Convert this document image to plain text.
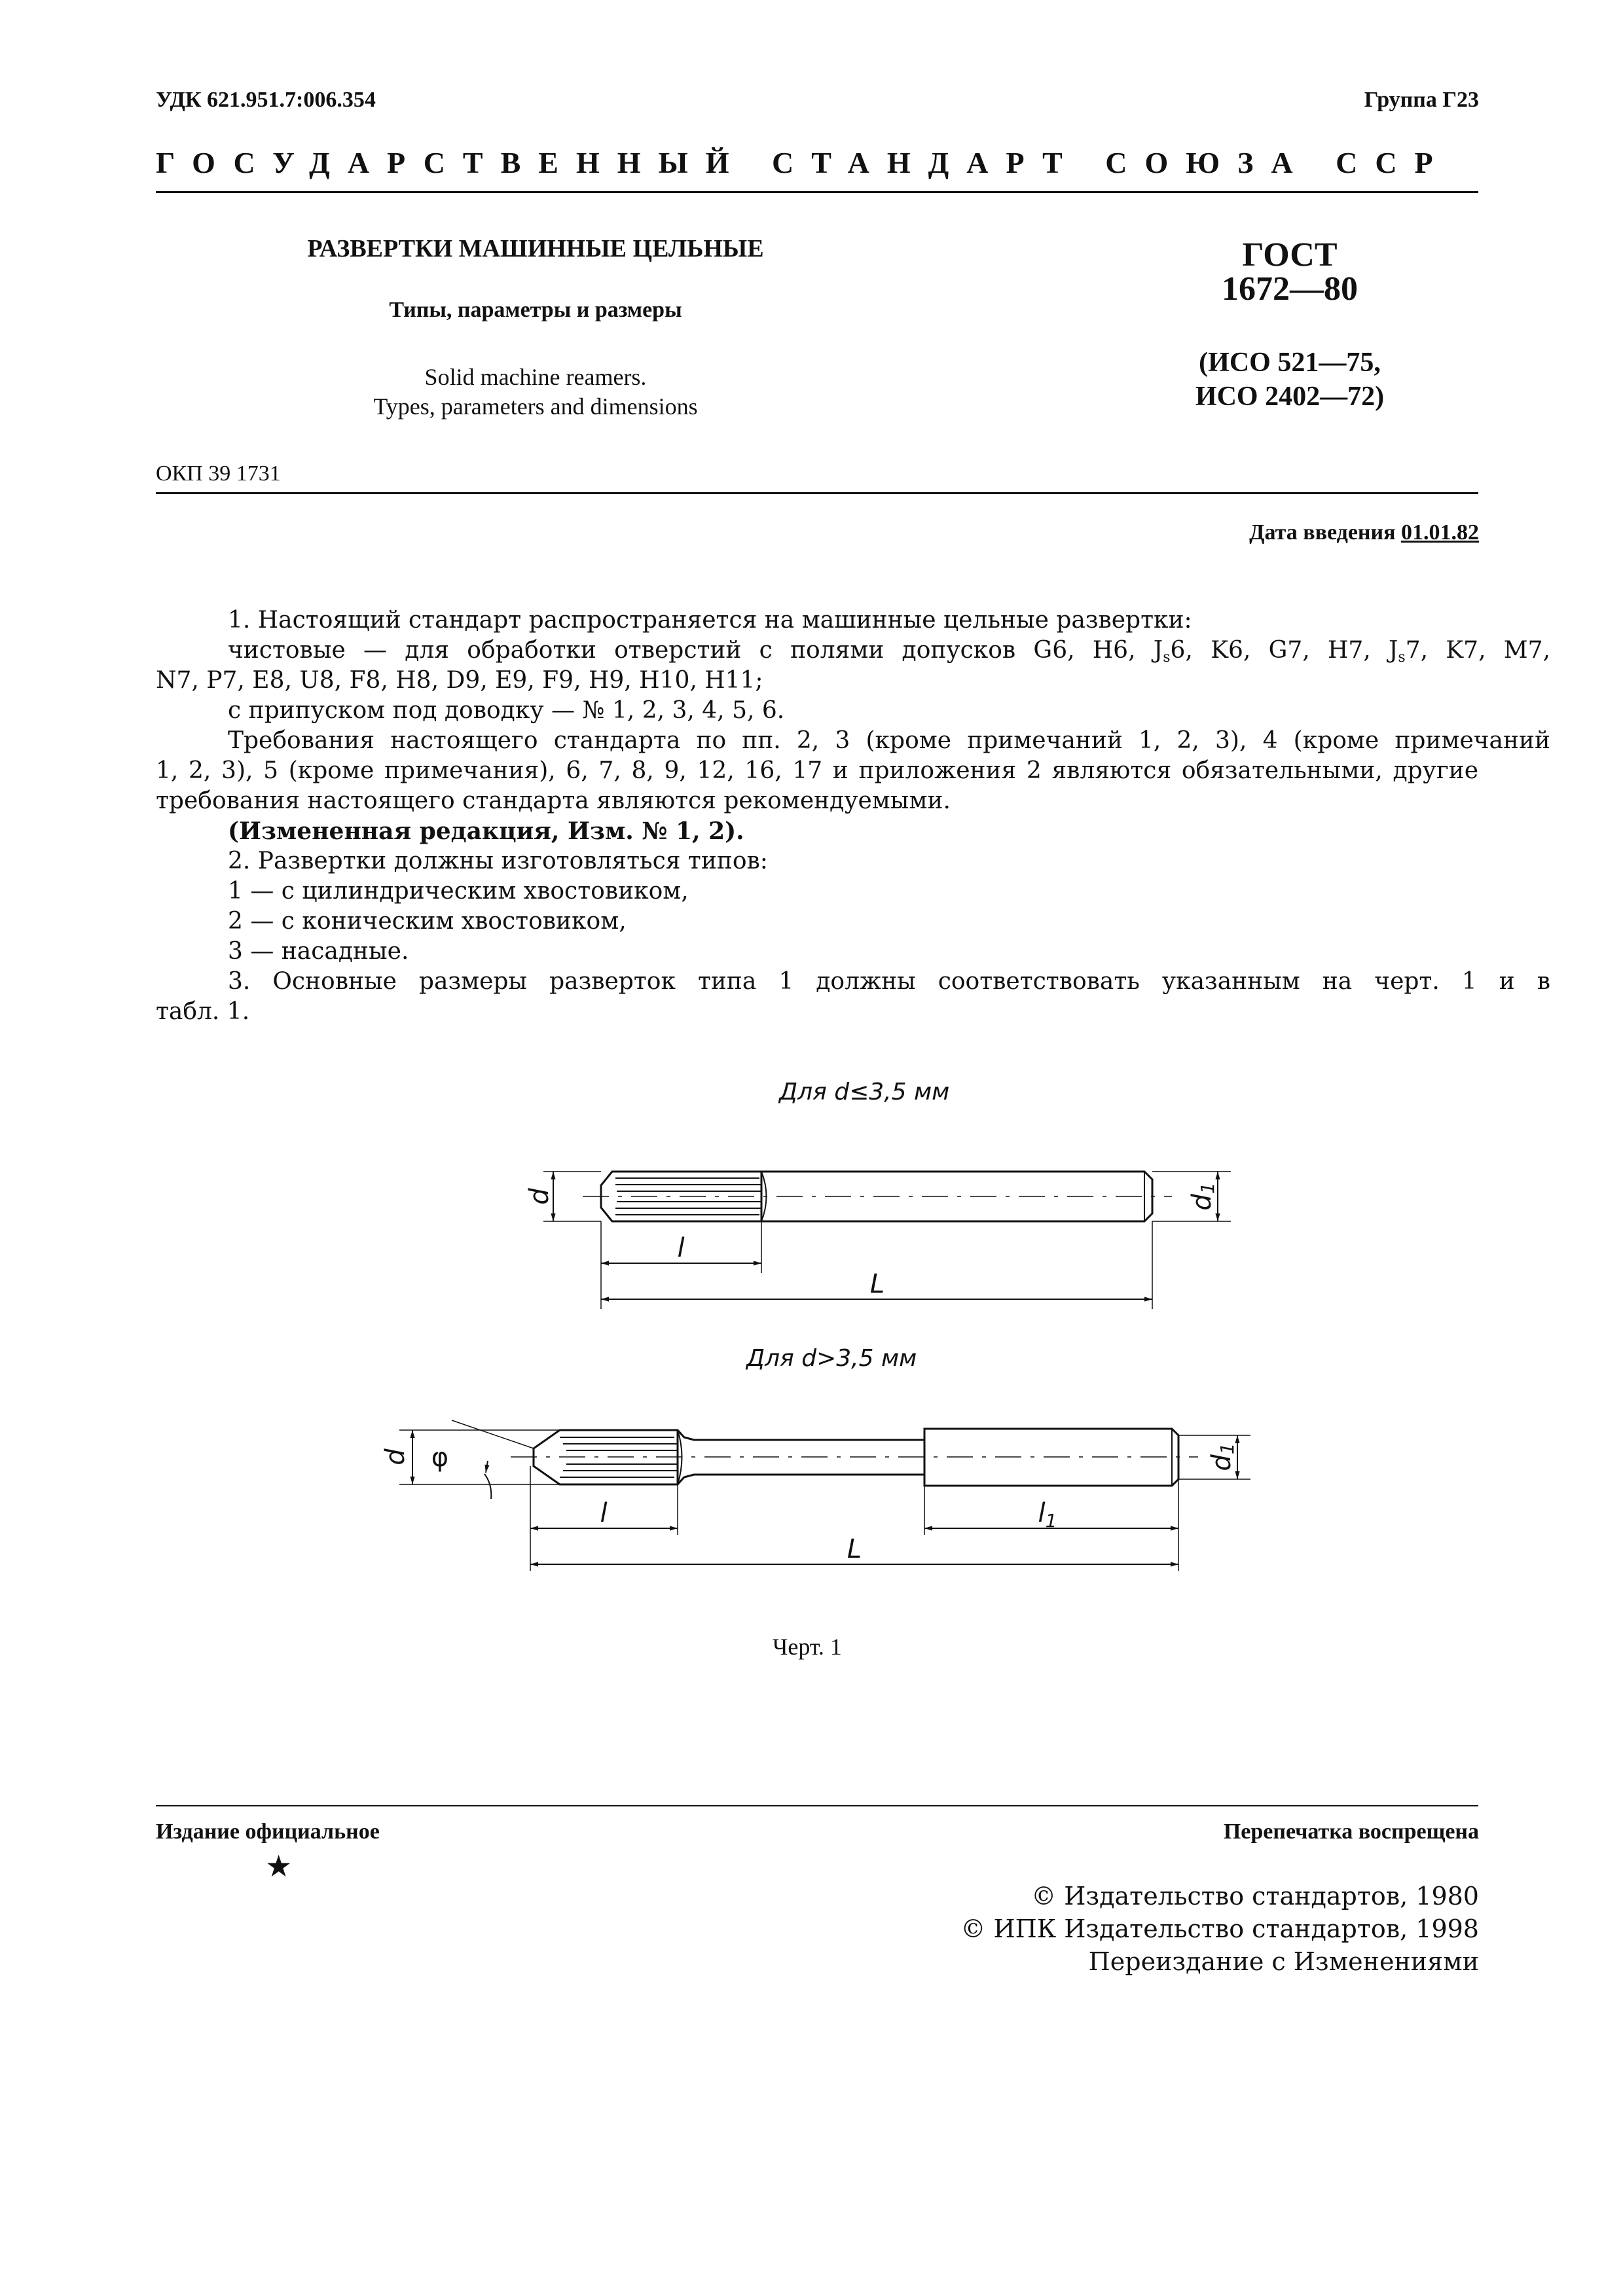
УДК 621.951.7:006.354	Группа Г23
ГОСУДАРСТВЕННЫЙ СТАНДАРТ СОЮЗА ССР
РАЗВЕРТКИ МАШИННЫЕ ЦЕЛЬНЫЕ
Типы, параметры и размеры
Solid machine reamers.
Types, parameters and dimensions
ГОСТ
1672—80
(ИСО 521—75,
ИСО 2402—72)
ОКП 39 1731
Дата введения 01.01.82
1. Настоящий стандарт распространяется на машинные цельные развертки:
чистовые — для обработки отверстий с полями допусков G6, H6, $J_s6$, K6, G7, H7, $J_s7$, K7, M7,
N7, P7, E8, U8, F8, H8, D9, E9, F9, H9, H10, H11;
с припуском под доводку — № 1, 2, 3, 4, 5, 6.
Требования настоящего стандарта по пп. 2, 3 (кроме примечаний 1, 2, 3), 4 (кроме примечаний
1, 2, 3), 5 (кроме примечания), 6, 7, 8, 9, 12, 16, 17 и приложения 2 являются обязательными, другие
требования настоящего стандарта являются рекомендуемыми.
(Измененная редакция, Изм. № 1, 2).
2. Развертки должны изготовляться типов:
1 — с цилиндрическим хвостовиком,
2 — с коническим хвостовиком,
3 — насадные.
3. Основные размеры разверток типа 1 должны соответствовать указанным на черт. 1 и в
табл. 1.
Для d≤3,5 мм
Для d>3,5 мм
d	$d_1$
l
L
d φ	$d_1$
l	$l_1$
L
Черт. 1
Издание официальное
★
Перепечатка воспрещена
© Издательство стандартов, 1980
© ИПК Издательство стандартов, 1998
Переиздание с Изменениями
